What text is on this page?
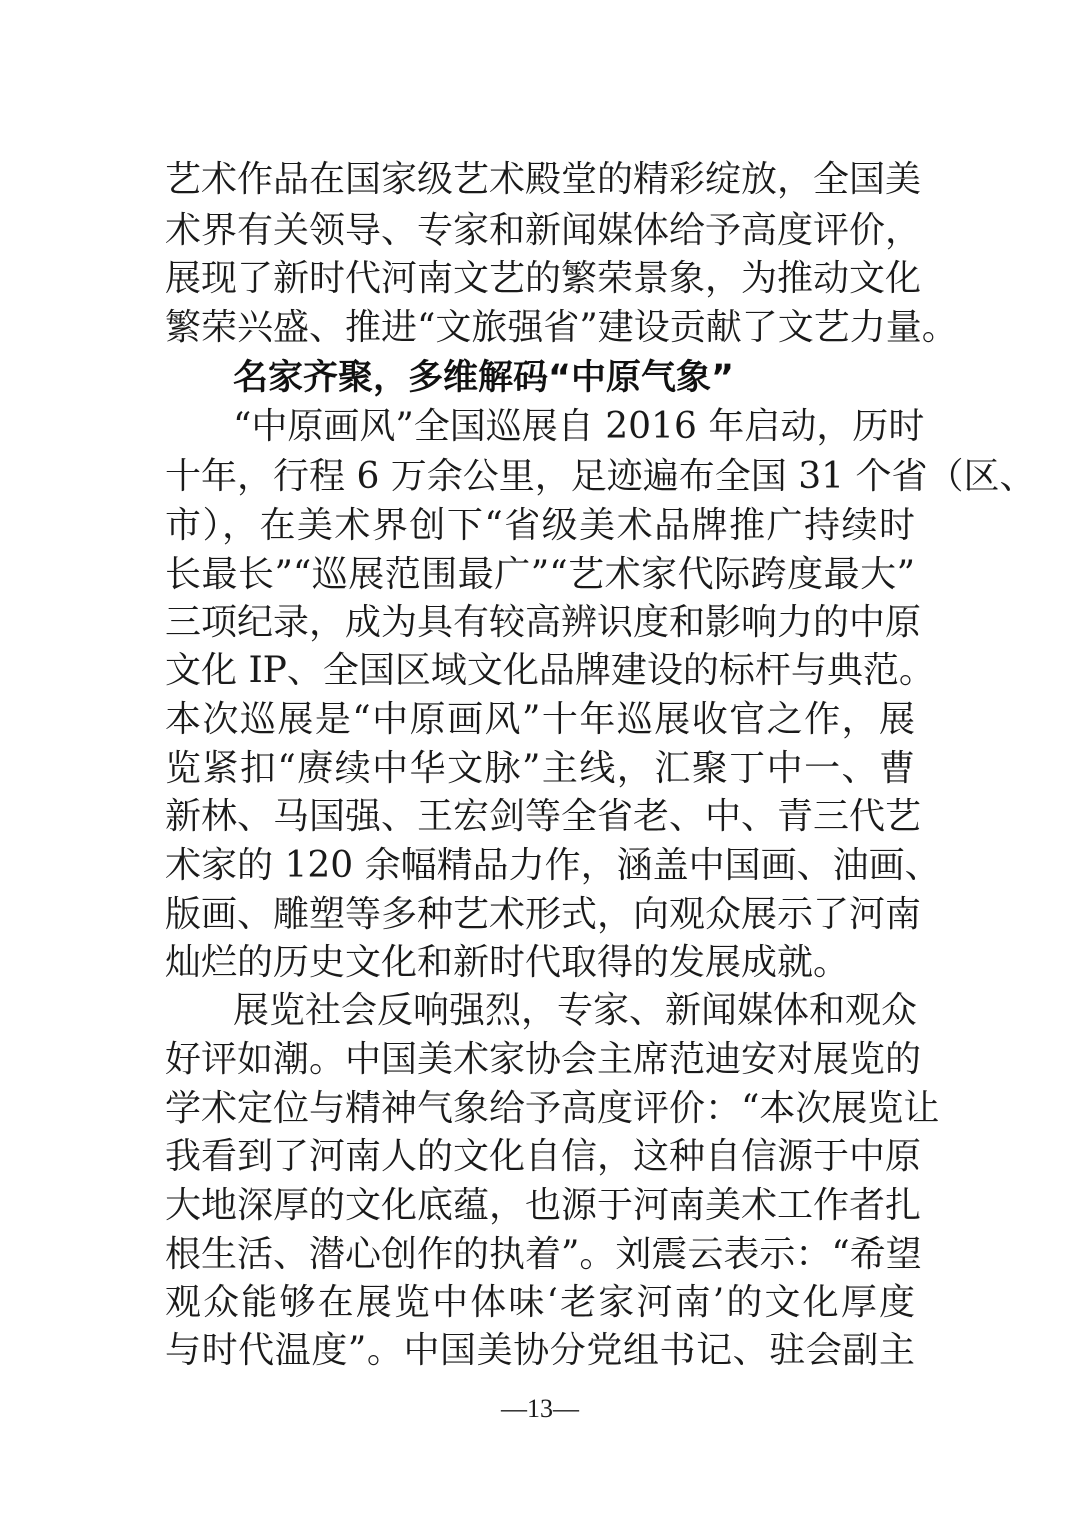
艺术作品在国家级艺术殿堂的精彩绽放，全国美
术界有关领导、专家和新闻媒体给予高度评价，
展现了新时代河南文艺的繁荣景象，为推动文化
繁荣兴盛、推进“文旅强省”建设贡献了文艺力量。
名家齐聚，多维解码“中原气象”
“中原画风”全国巡展自 2016 年启动，历时
十年，行程 6 万余公里，足迹遍布全国 31 个省（区、
市），在美术界创下“省级美术品牌推广持续时
长最长”“巡展范围最广”“艺术家代际跨度最大”
三项纪录，成为具有较高辨识度和影响力的中原
文化 IP、全国区域文化品牌建设的标杆与典范。
本次巡展是“中原画风”十年巡展收官之作，展
览紧扣“赓续中华文脉”主线，汇聚丁中一、曹
新林、马国强、王宏剑等全省老、中、青三代艺
术家的 120 余幅精品力作，涵盖中国画、油画、
版画、雕塑等多种艺术形式，向观众展示了河南
灿烂的历史文化和新时代取得的发展成就。
展览社会反响强烈，专家、新闻媒体和观众
好评如潮。中国美术家协会主席范迪安对展览的
学术定位与精神气象给予高度评价：“本次展览让
我看到了河南人的文化自信，这种自信源于中原
大地深厚的文化底蕴，也源于河南美术工作者扎
根生活、潜心创作的执着”。刘震云表示：“希望
观众能够在展览中体味‘老家河南’的文化厚度
与时代温度”。中国美协分党组书记、驻会副主
—13—
